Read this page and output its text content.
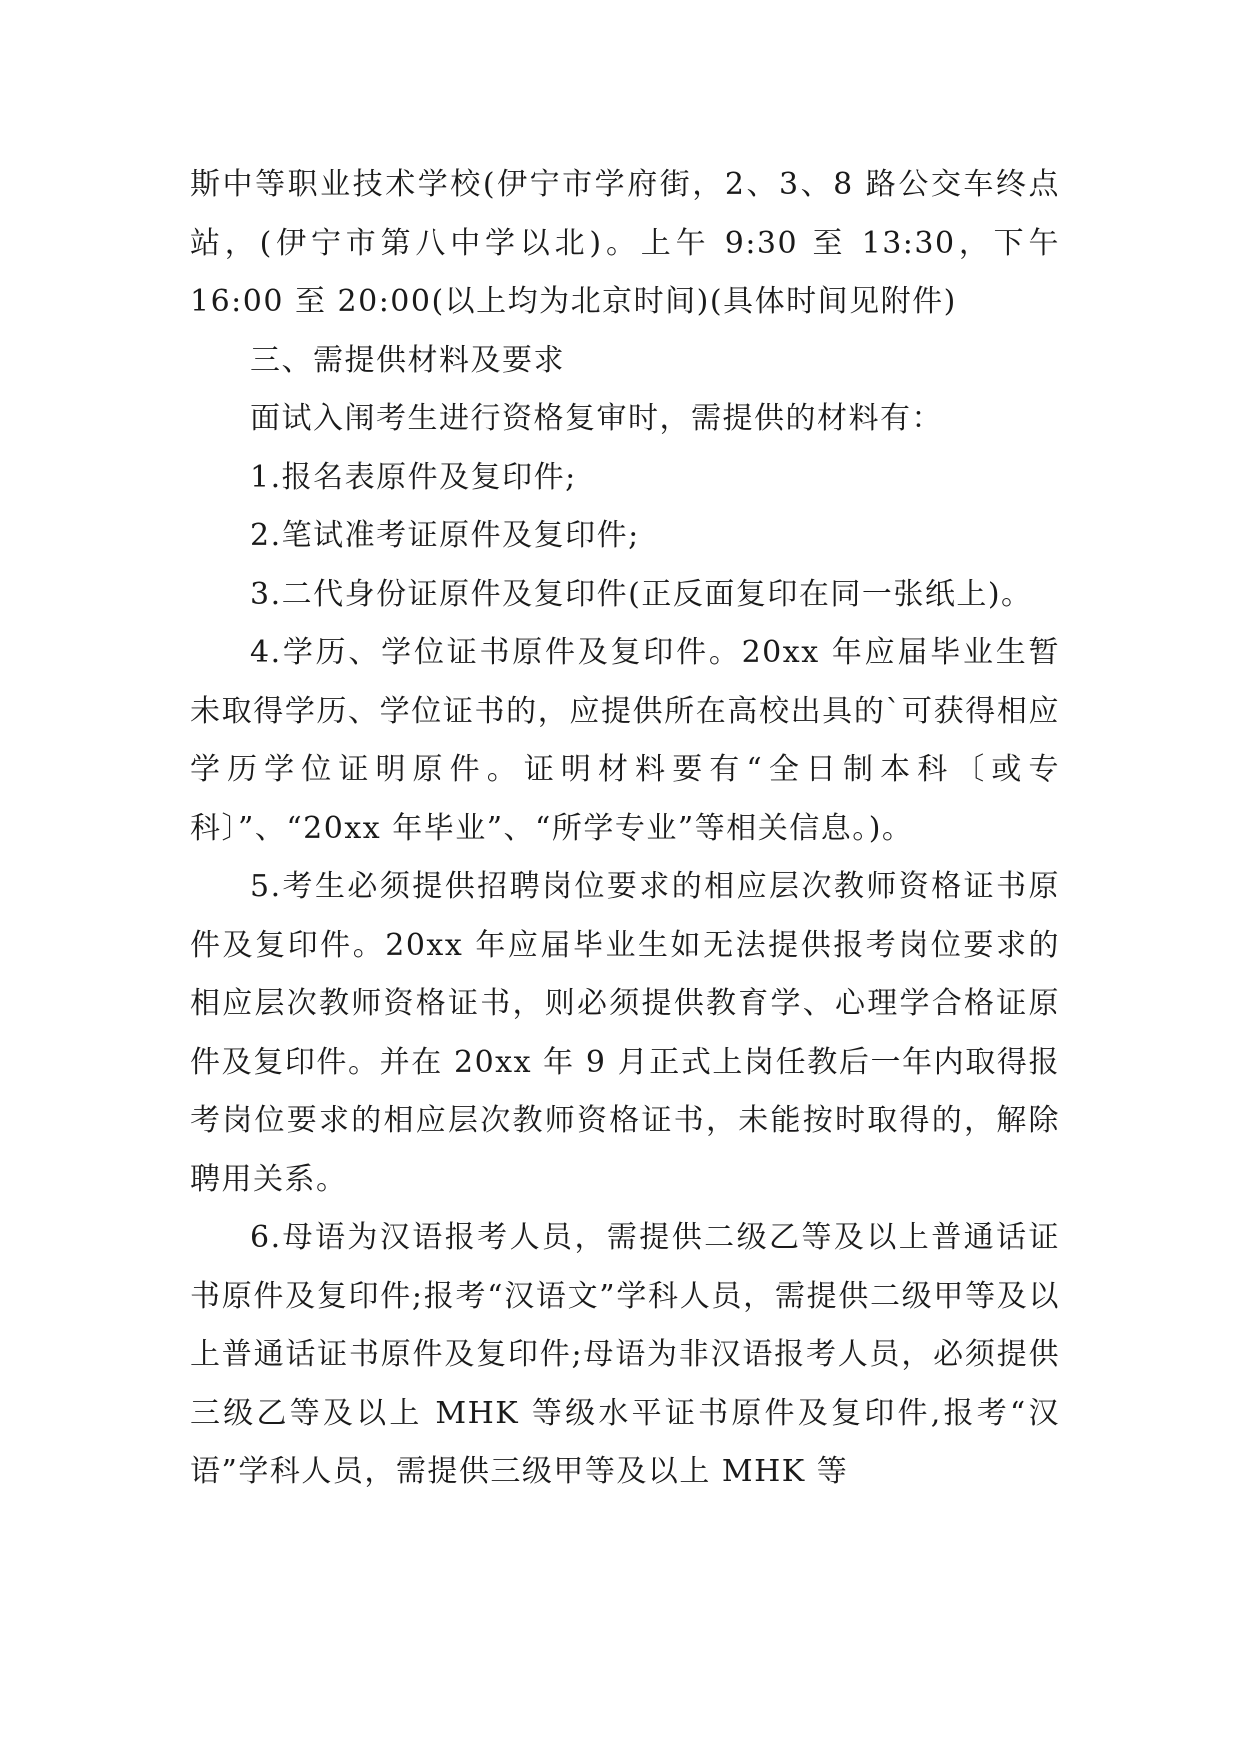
斯中等职业技术学校(伊宁市学府街，2、3、8 路公交车终点站，(伊宁市第八中学以北)。上午 9:30 至 13:30，下午 16:00 至 20:00(以上均为北京时间)(具体时间见附件)

三、需提供材料及要求

面试入闱考生进行资格复审时，需提供的材料有：

1.报名表原件及复印件;

2.笔试准考证原件及复印件;

3.二代身份证原件及复印件(正反面复印在同一张纸上)。

4.学历、学位证书原件及复印件。20xx 年应届毕业生暂未取得学历、学位证书的，应提供所在高校出具的`可获得相应学历学位证明原件。证明材料要有“全日制本科〔或专科〕”、“20xx 年毕业”、“所学专业”等相关信息。)。

5.考生必须提供招聘岗位要求的相应层次教师资格证书原件及复印件。20xx 年应届毕业生如无法提供报考岗位要求的相应层次教师资格证书，则必须提供教育学、心理学合格证原件及复印件。并在 20xx 年 9 月正式上岗任教后一年内取得报考岗位要求的相应层次教师资格证书，未能按时取得的，解除聘用关系。

6.母语为汉语报考人员，需提供二级乙等及以上普通话证书原件及复印件;报考“汉语文”学科人员，需提供二级甲等及以上普通话证书原件及复印件;母语为非汉语报考人员，必须提供三级乙等及以上 MHK 等级水平证书原件及复印件,报考“汉语”学科人员，需提供三级甲等及以上 MHK 等
